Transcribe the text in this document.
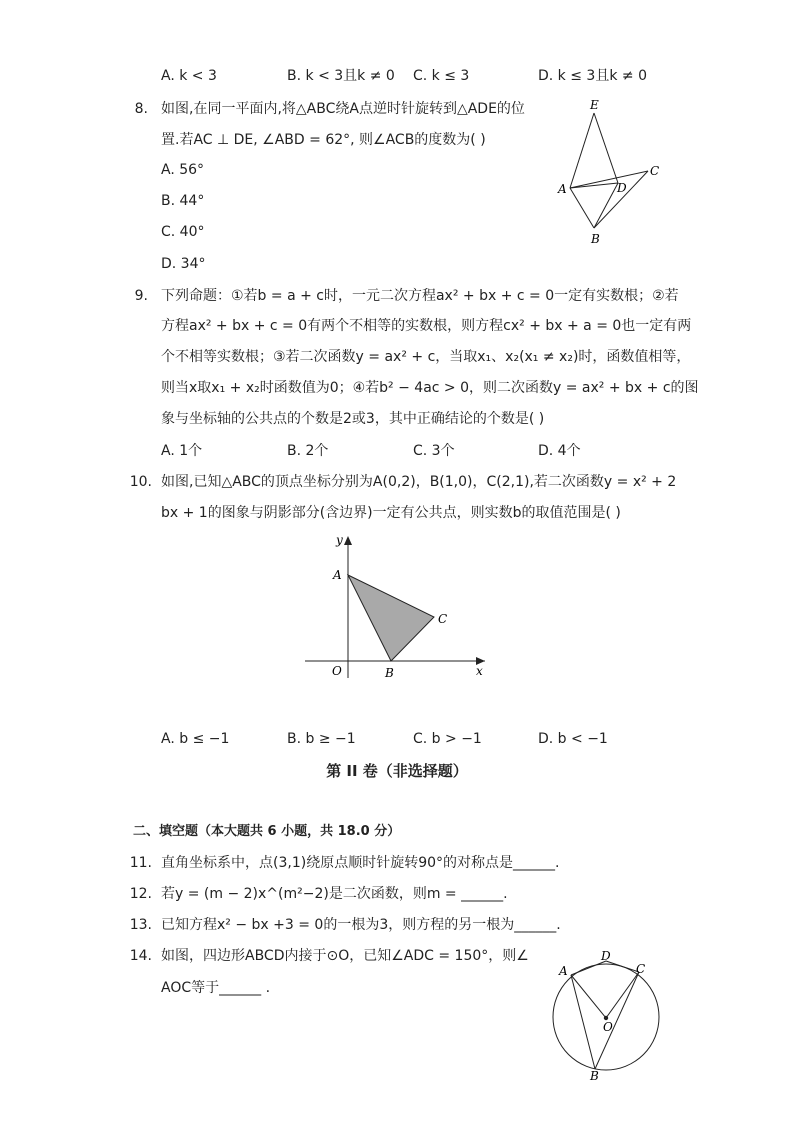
A. k < 3	B. k < 3且k ≠ 0 C. k ≤ 3	D. k ≤ 3且k ≠ 0
8. 如图,在同一平面内,将△ABC绕A点逆时针旋转到△ADE的位
置.若AC ⊥ DE, ∠ABD = 62°, 则∠ACB的度数为( )
A. 56°
B. 44°
C. 40°
D. 34°
E
A	D
C
B
9. 下列命题：①若b = a + c时，一元二次方程ax² + bx + c = 0一定有实数根；②若
方程ax² + bx + c = 0有两个不相等的实数根，则方程cx² + bx + a = 0也一定有两
个不相等实数根；③若二次函数y = ax² + c，当取x₁、x₂(x₁ ≠ x₂)时，函数值相等，
则当x取x₁ + x₂时函数值为0；④若b² − 4ac > 0，则二次函数y = ax² + bx + c的图
象与坐标轴的公共点的个数是2或3，其中正确结论的个数是( )
A. 1个	B. 2个	C. 3个	D. 4个
10. 如图,已知△ABC的顶点坐标分别为A(0,2)，B(1,0)，C(2,1),若二次函数y = x² + 2
bx + 1的图象与阴影部分(含边界)一定有公共点，则实数b的取值范围是( )
y
A
C
O	B	x
A. b ≤ −1	B. b ≥ −1	C. b > −1	D. b < −1
第 II 卷（非选择题）
二、填空题（本大题共 6 小题，共 18.0 分）
11. 直角坐标系中，点(3,1)绕原点顺时针旋转90°的对称点是______.
12. 若y = (m − 2)x^(m²−2)是二次函数，则m = ______.
13. 已知方程x² − bx +3 = 0的一根为3，则方程的另一根为______.
14. 如图，四边形ABCD内接于⊙O，已知∠ADC = 150°，则∠
AOC等于______ .
D
A	C
O
B
